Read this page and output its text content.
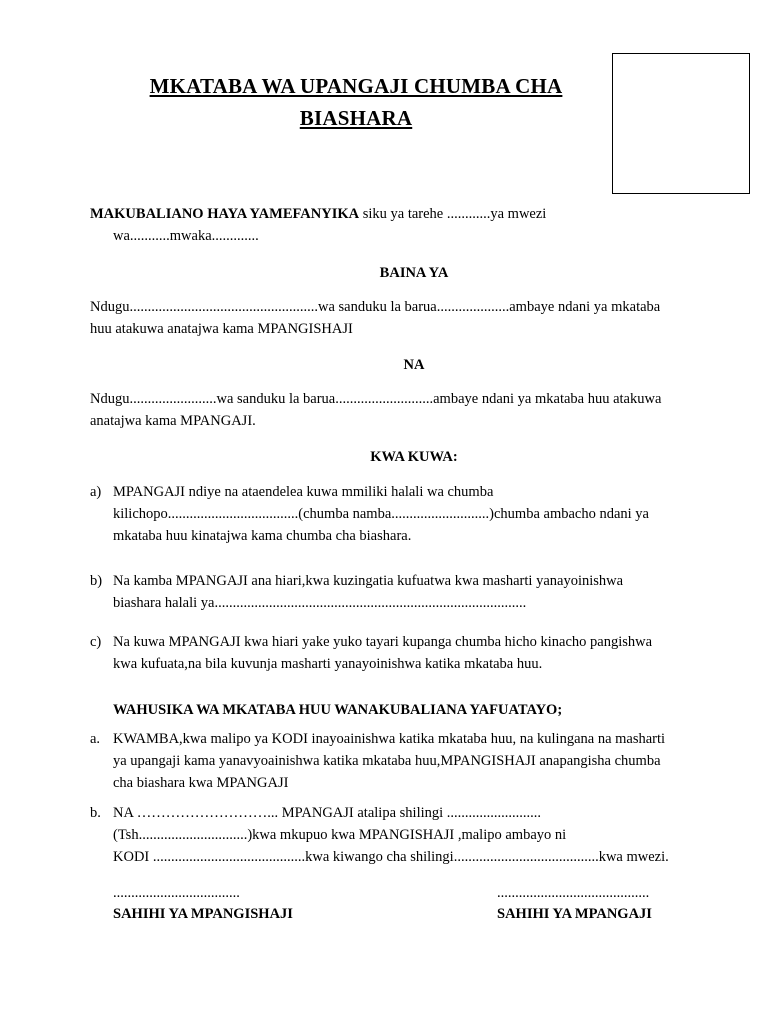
MKATABA WA UPANGAJI CHUMBA CHA
BIASHARA
MAKUBALIANO HAYA YAMEFANYIKA siku ya tarehe ............ya mwezi
wa...........mwaka.............
BAINA YA
Ndugu....................................................wa sanduku la barua....................ambaye ndani ya mkataba
huu atakuwa anatajwa kama MPANGISHAJI
NA
Ndugu........................wa sanduku la barua...........................ambaye ndani ya mkataba huu atakuwa
anatajwa kama MPANGAJI.
KWA KUWA:
a) MPANGAJI ndiye na ataendelea kuwa mmiliki halali wa chumba
kilichopo....................................(chumba namba...........................)chumba ambacho ndani ya
mkataba huu kinatajwa kama chumba cha biashara.
b) Na kamba MPANGAJI ana hiari,kwa kuzingatia kufuatwa kwa masharti yanayoinishwa
biashara halali ya......................................................................................
c) Na kuwa MPANGAJI kwa hiari yake yuko tayari kupanga chumba hicho kinacho pangishwa
kwa kufuata,na bila kuvunja masharti yanayoinishwa katika mkataba huu.
WAHUSIKA WA MKATABA HUU WANAKUBALIANA YAFUATAYO;
a. KWAMBA,kwa malipo ya KODI inayoainishwa katika mkataba huu, na kulingana na masharti
ya upangaji kama yanavyoainishwa katika mkataba huu,MPANGISHAJI anapangisha chumba
cha biashara kwa MPANGAJI
b. NA ………………………... MPANGAJI atalipa shilingi ..........................
(Tsh..............................)kwa mkupuo kwa MPANGISHAJI ,malipo ambayo ni
KODI ..........................................kwa kiwango cha shilingi........................................kwa mwezi.
...................................
SAHIHI YA MPANGISHAJI
..........................................
SAHIHI YA MPANGAJI
